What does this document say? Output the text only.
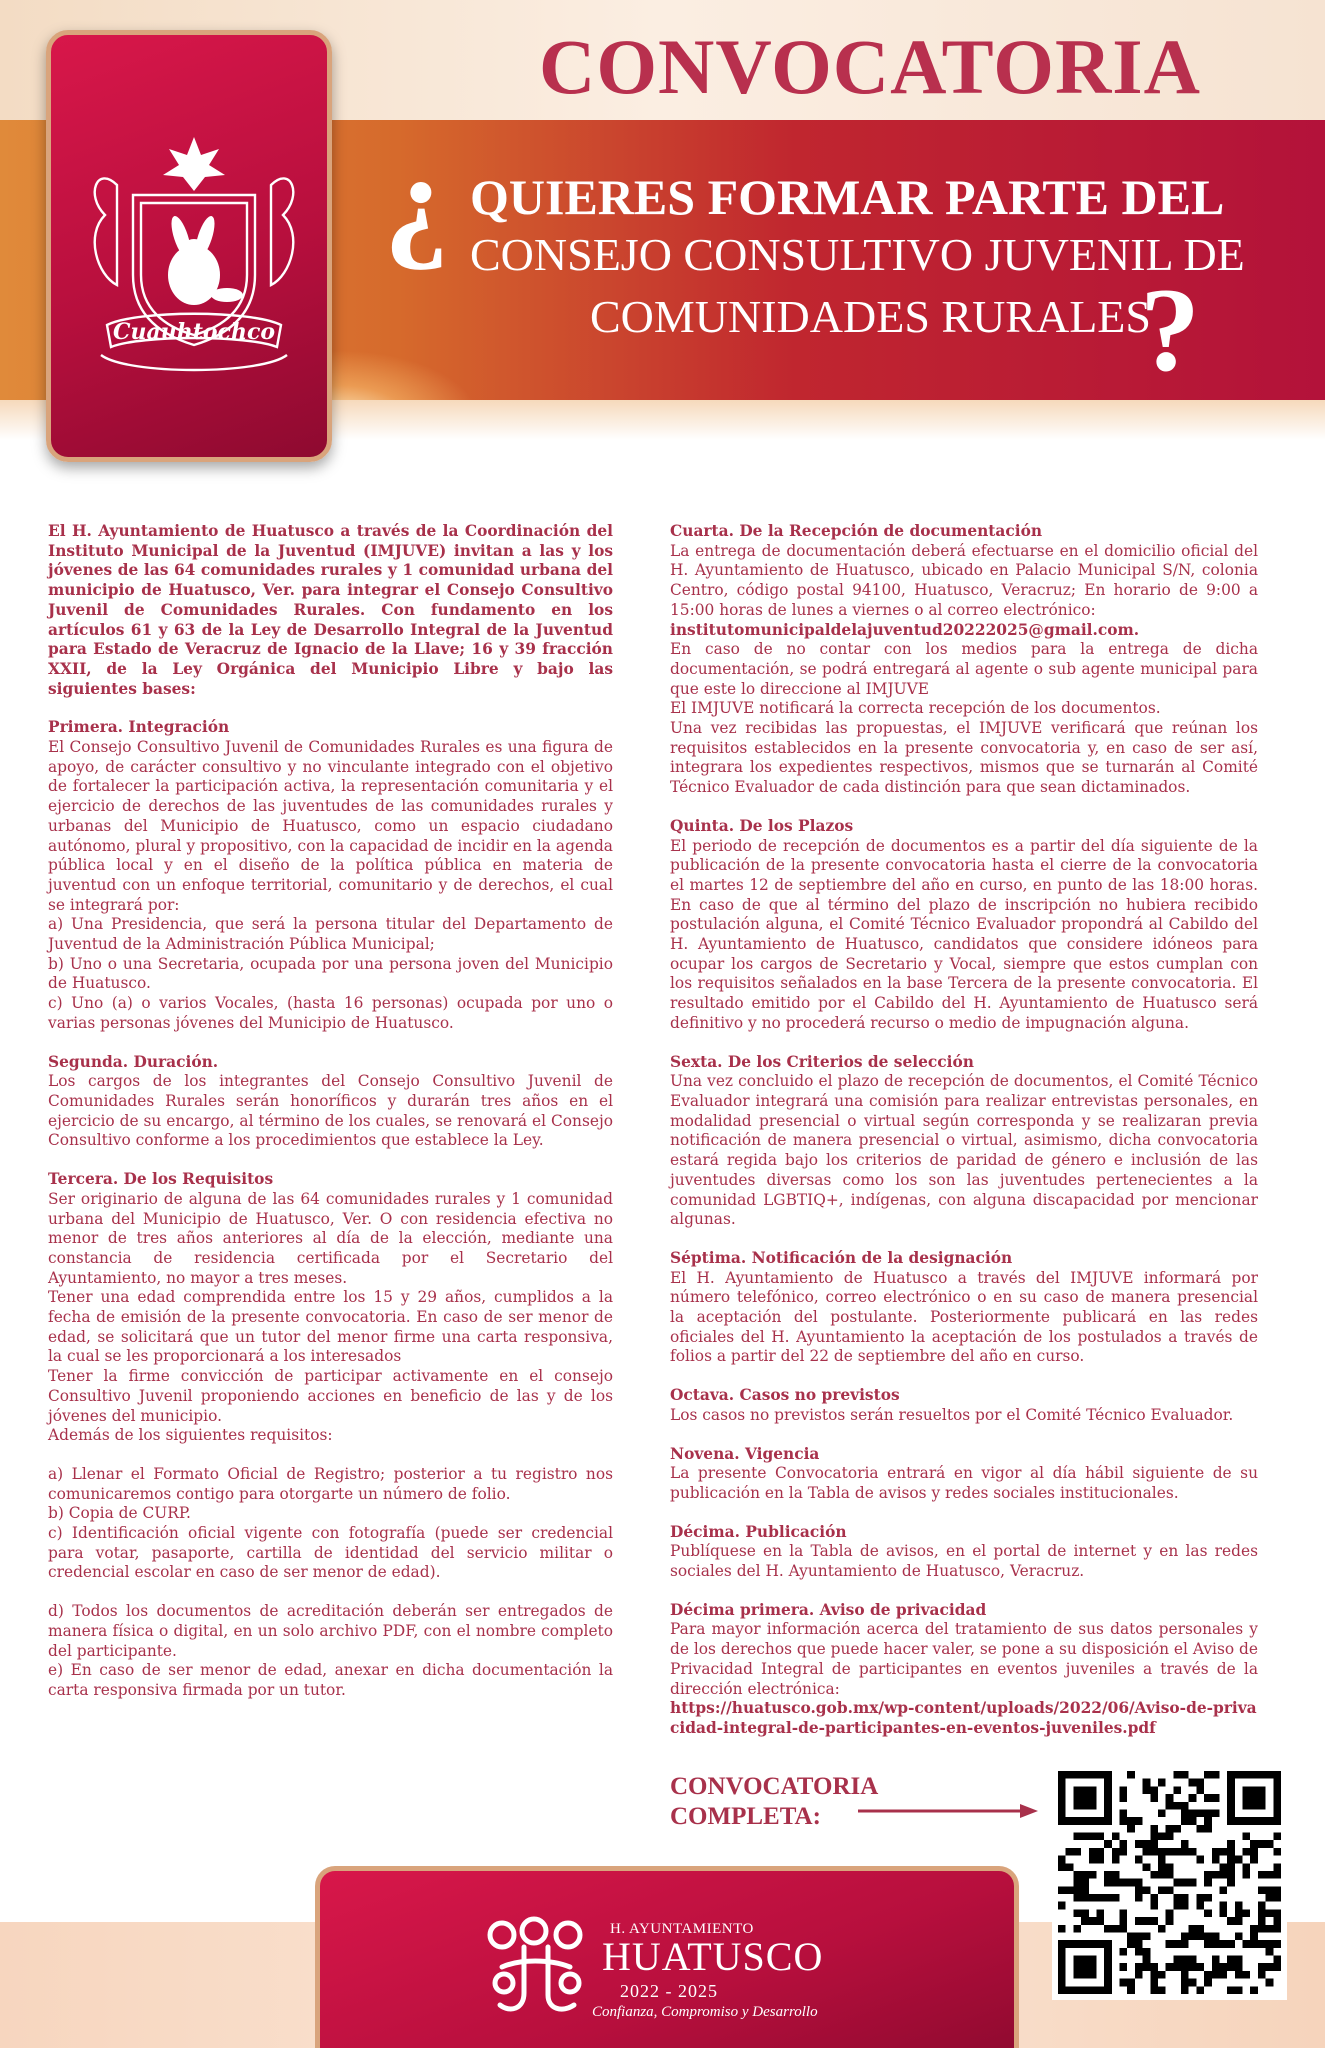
Cuauhtochco
CONVOCATORIA
¿ QUIERES FORMAR PARTE DEL
CONSEJO CONSULTIVO JUVENIL DE
COMUNIDADES RURALES
?

El H. Ayuntamiento de Huatusco a través de la Coordinación del Instituto Municipal de la Juventud (IMJUVE) invitan a las y los jóvenes de las 64 comunidades rurales y 1 comunidad urbana del municipio de Huatusco, Ver. para integrar el Consejo Consultivo Juvenil de Comunidades Rurales. Con fundamento en los artículos 61 y 63 de la Ley de Desarrollo Integral de la Juventud para Estado de Veracruz de Ignacio de la Llave; 16 y 39 fracción XXII, de la Ley Orgánica del Municipio Libre y bajo las siguientes bases:

Primera. Integración

El Consejo Consultivo Juvenil de Comunidades Rurales es una figura de apoyo, de carácter consultivo y no vinculante integrado con el objetivo de fortalecer la participación activa, la representación comunitaria y el ejercicio de derechos de las juventudes de las comunidades rurales y urbanas del Municipio de Huatusco, como un espacio ciudadano autónomo, plural y propositivo, con la capacidad de incidir en la agenda pública local y en el diseño de la política pública en materia de juventud con un enfoque territorial, comunitario y de derechos, el cual se integrará por:

a) Una Presidencia, que será la persona titular del Departamento de Juventud de la Administración Pública Municipal;

b) Uno o una Secretaria, ocupada por una persona joven del Municipio de Huatusco.

c) Uno (a) o varios Vocales, (hasta 16 personas) ocupada por uno o varias personas jóvenes del Municipio de Huatusco.

Segunda. Duración.

Los cargos de los integrantes del Consejo Consultivo Juvenil de Comunidades Rurales serán honoríficos y durarán tres años en el ejercicio de su encargo, al término de los cuales, se renovará el Consejo Consultivo conforme a los procedimientos que establece la Ley.

Tercera. De los Requisitos

Ser originario de alguna de las 64 comunidades rurales y 1 comunidad urbana del Municipio de Huatusco, Ver. O con residencia efectiva no menor de tres años anteriores al día de la elección, mediante una constancia de residencia certificada por el Secretario del Ayuntamiento, no mayor a tres meses.

Tener una edad comprendida entre los 15 y 29 años, cumplidos a la fecha de emisión de la presente convocatoria. En caso de ser menor de edad, se solicitará que un tutor del menor firme una carta responsiva, la cual se les proporcionará a los interesados

Tener la firme convicción de participar activamente en el consejo Consultivo Juvenil proponiendo acciones en beneficio de las y de los jóvenes del municipio.

Además de los siguientes requisitos:

a) Llenar el Formato Oficial de Registro; posterior a tu registro nos comunicaremos contigo para otorgarte un número de folio.

b) Copia de CURP.

c) Identificación oficial vigente con fotografía (puede ser credencial para votar, pasaporte, cartilla de identidad del servicio militar o credencial escolar en caso de ser menor de edad).

d) Todos los documentos de acreditación deberán ser entregados de manera física o digital, en un solo archivo PDF, con el nombre completo del participante.

e) En caso de ser menor de edad, anexar en dicha documentación la carta responsiva firmada por un tutor.

Cuarta. De la Recepción de documentación

La entrega de documentación deberá efectuarse en el domicilio oficial del H. Ayuntamiento de Huatusco, ubicado en Palacio Municipal S/N, colonia Centro, código postal 94100, Huatusco, Veracruz; En horario de 9:00 a 15:00 horas de lunes a viernes o al correo electrónico:

institutomunicipaldelajuventud20222025@gmail.com.

En caso de no contar con los medios para la entrega de dicha documentación, se podrá entregará al agente o sub agente municipal para que este lo direccione al IMJUVE

El IMJUVE notificará la correcta recepción de los documentos.

Una vez recibidas las propuestas, el IMJUVE verificará que reúnan los requisitos establecidos en la presente convocatoria y, en caso de ser así, integrara los expedientes respectivos, mismos que se turnarán al Comité Técnico Evaluador de cada distinción para que sean dictaminados.

Quinta. De los Plazos

El periodo de recepción de documentos es a partir del día siguiente de la publicación de la presente convocatoria hasta el cierre de la convocatoria el martes 12 de septiembre del año en curso, en punto de las 18:00 horas. En caso de que al término del plazo de inscripción no hubiera recibido postulación alguna, el Comité Técnico Evaluador propondrá al Cabildo del H. Ayuntamiento de Huatusco, candidatos que considere idóneos para ocupar los cargos de Secretario y Vocal, siempre que estos cumplan con los requisitos señalados en la base Tercera de la presente convocatoria. El resultado emitido por el Cabildo del H. Ayuntamiento de Huatusco será definitivo y no procederá recurso o medio de impugnación alguna.

Sexta. De los Criterios de selección

Una vez concluido el plazo de recepción de documentos, el Comité Técnico Evaluador integrará una comisión para realizar entrevistas personales, en modalidad presencial o virtual según corresponda y se realizaran previa notificación de manera presencial o virtual, asimismo, dicha convocatoria estará regida bajo los criterios de paridad de género e inclusión de las juventudes diversas como los son las juventudes pertenecientes a la comunidad LGBTIQ+, indígenas, con alguna discapacidad por mencionar algunas.

Séptima. Notificación de la designación

El H. Ayuntamiento de Huatusco a través del IMJUVE informará por número telefónico, correo electrónico o en su caso de manera presencial la aceptación del postulante. Posteriormente publicará en las redes oficiales del H. Ayuntamiento la aceptación de los postulados a través de folios a partir del 22 de septiembre del año en curso.

Octava. Casos no previstos

Los casos no previstos serán resueltos por el Comité Técnico Evaluador.

Novena. Vigencia

La presente Convocatoria entrará en vigor al día hábil siguiente de su publicación en la Tabla de avisos y redes sociales institucionales.

Décima. Publicación

Publíquese en la Tabla de avisos, en el portal de internet y en las redes sociales del H. Ayuntamiento de Huatusco, Veracruz.

Décima primera. Aviso de privacidad

Para mayor información acerca del tratamiento de sus datos personales y de los derechos que puede hacer valer, se pone a su disposición el Aviso de Privacidad Integral de participantes en eventos juveniles a través de la dirección electrónica:

https://huatusco.gob.mx/wp-content/uploads/2022/06/Aviso-de-privacidad-integral-de-participantes-en-eventos-juveniles.pdf

CONVOCATORIA
COMPLETA:
H. AYUNTAMIENTO
HUATUSCO
2022 - 2025
Confianza, Compromiso y Desarrollo
